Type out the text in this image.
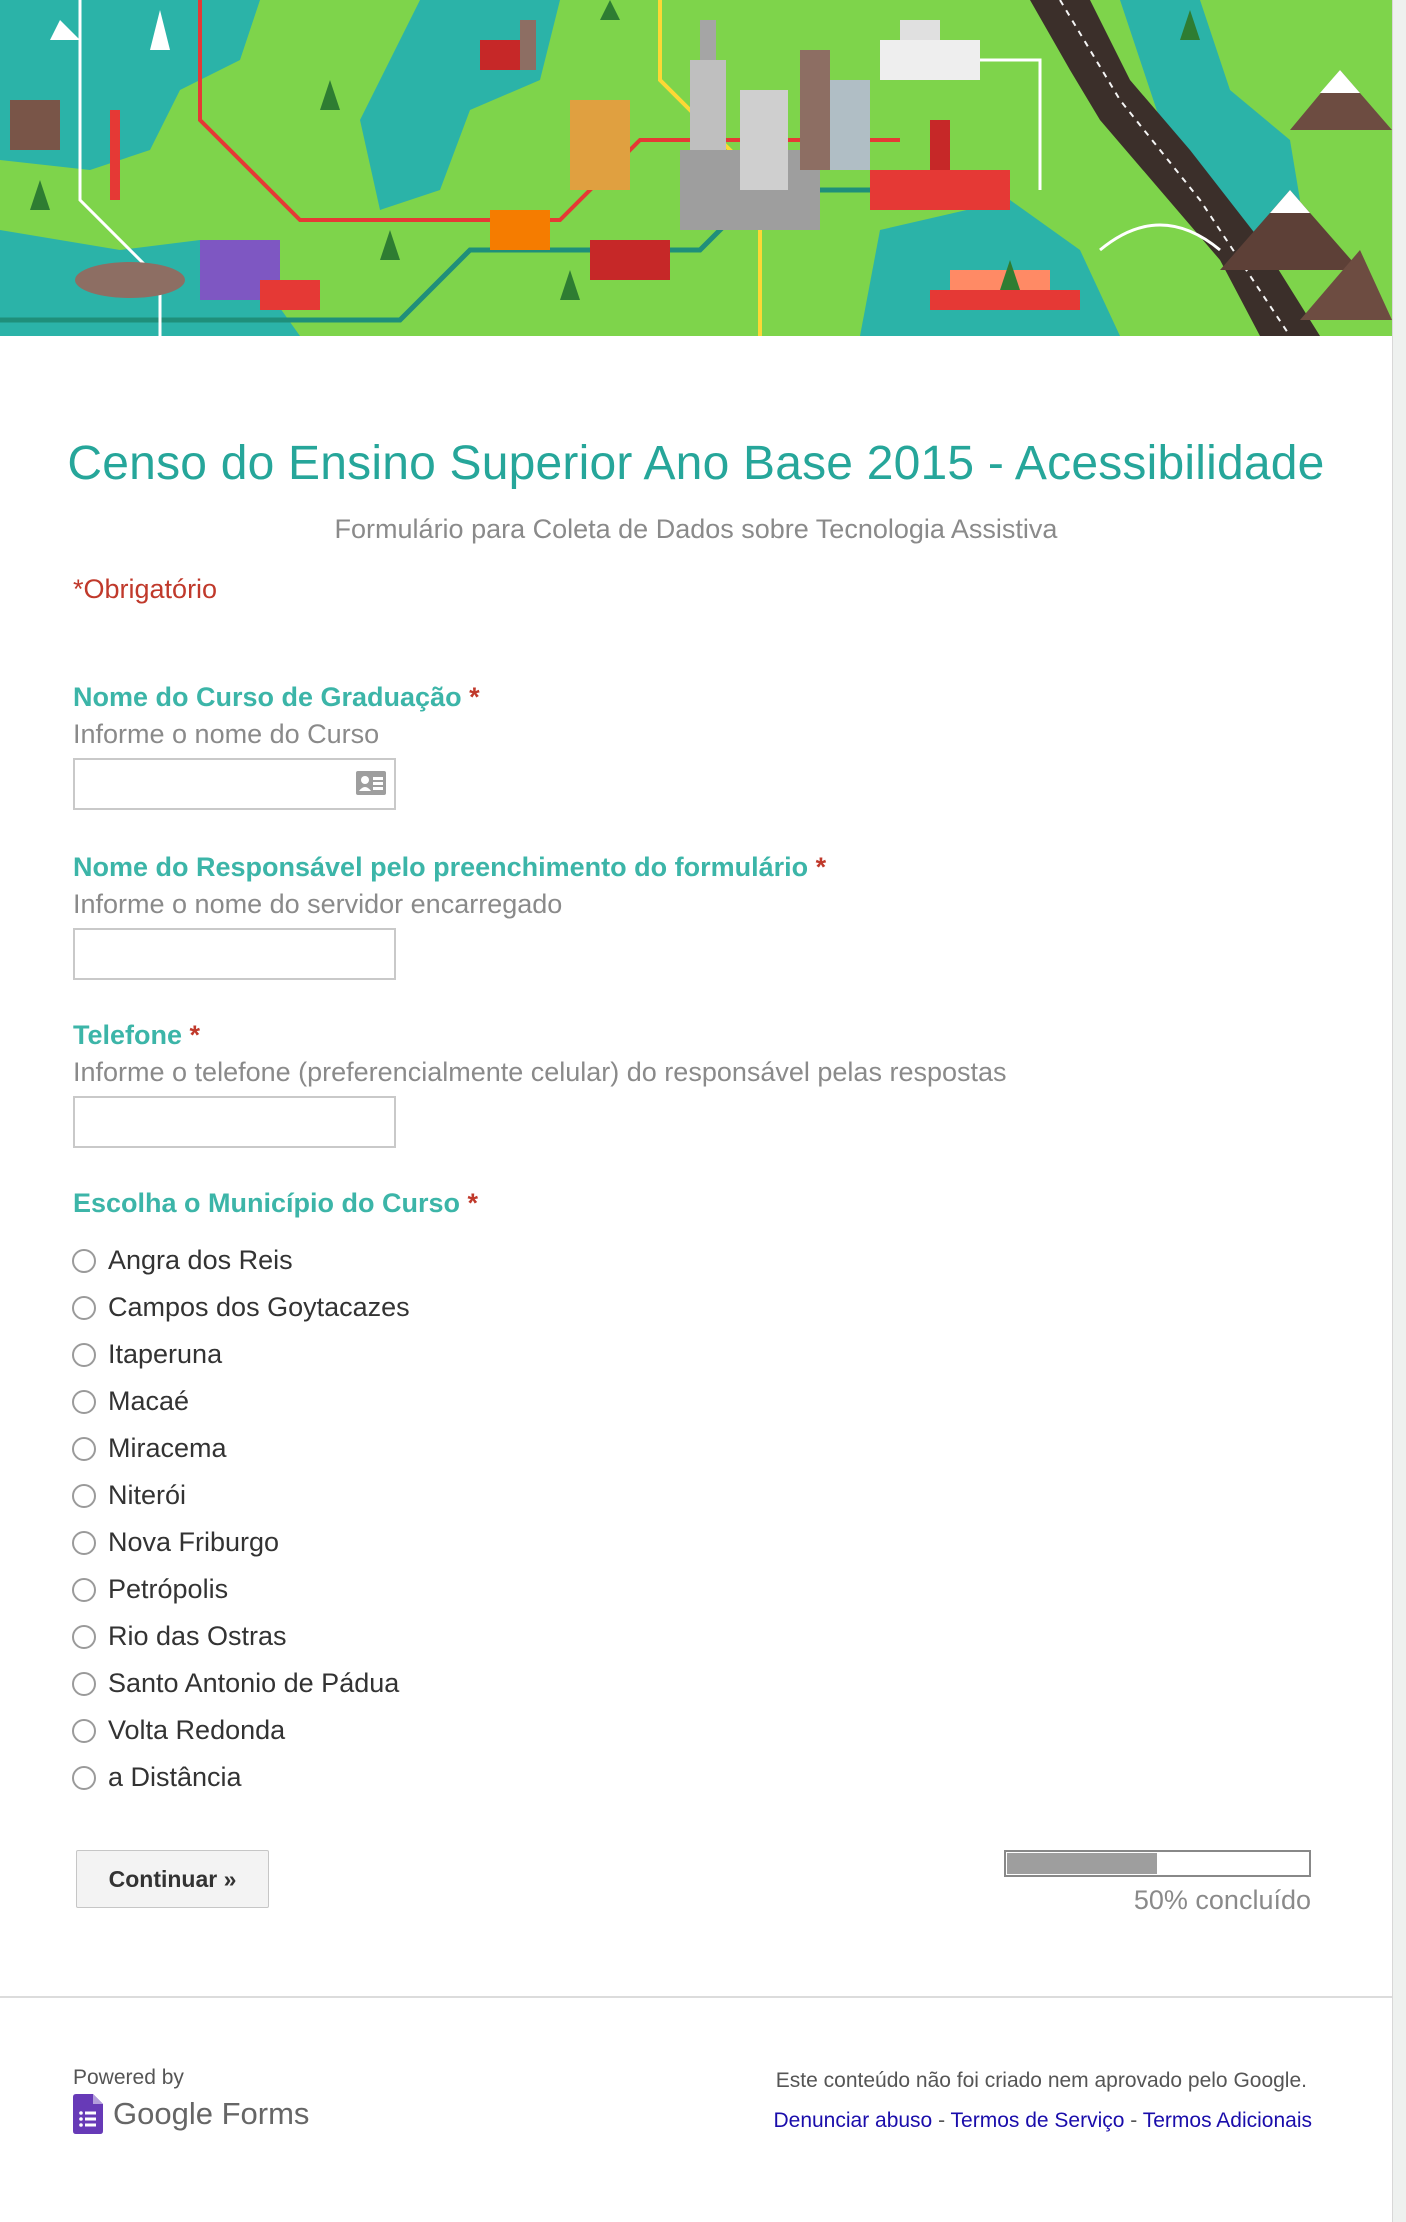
Censo do Ensino Superior Ano Base 2015 - Acessibilidade
Formulário para Coleta de Dados sobre Tecnologia Assistiva
*Obrigatório
Nome do Curso de Graduação *
Informe o nome do Curso
Nome do Responsável pelo preenchimento do formulário *
Informe o nome do servidor encarregado
Telefone *
Informe o telefone (preferencialmente celular) do responsável pelas respostas
Escolha o Município do Curso *
Angra dos Reis
Campos dos Goytacazes
Itaperuna
Macaé
Miracema
Niterói
Nova Friburgo
Petrópolis
Rio das Ostras
Santo Antonio de Pádua
Volta Redonda
a Distância
Continuar »
50% concluído
Powered by
Google Forms
Este conteúdo não foi criado nem aprovado pelo Google.
Denunciar abuso - Termos de Serviço - Termos Adicionais
